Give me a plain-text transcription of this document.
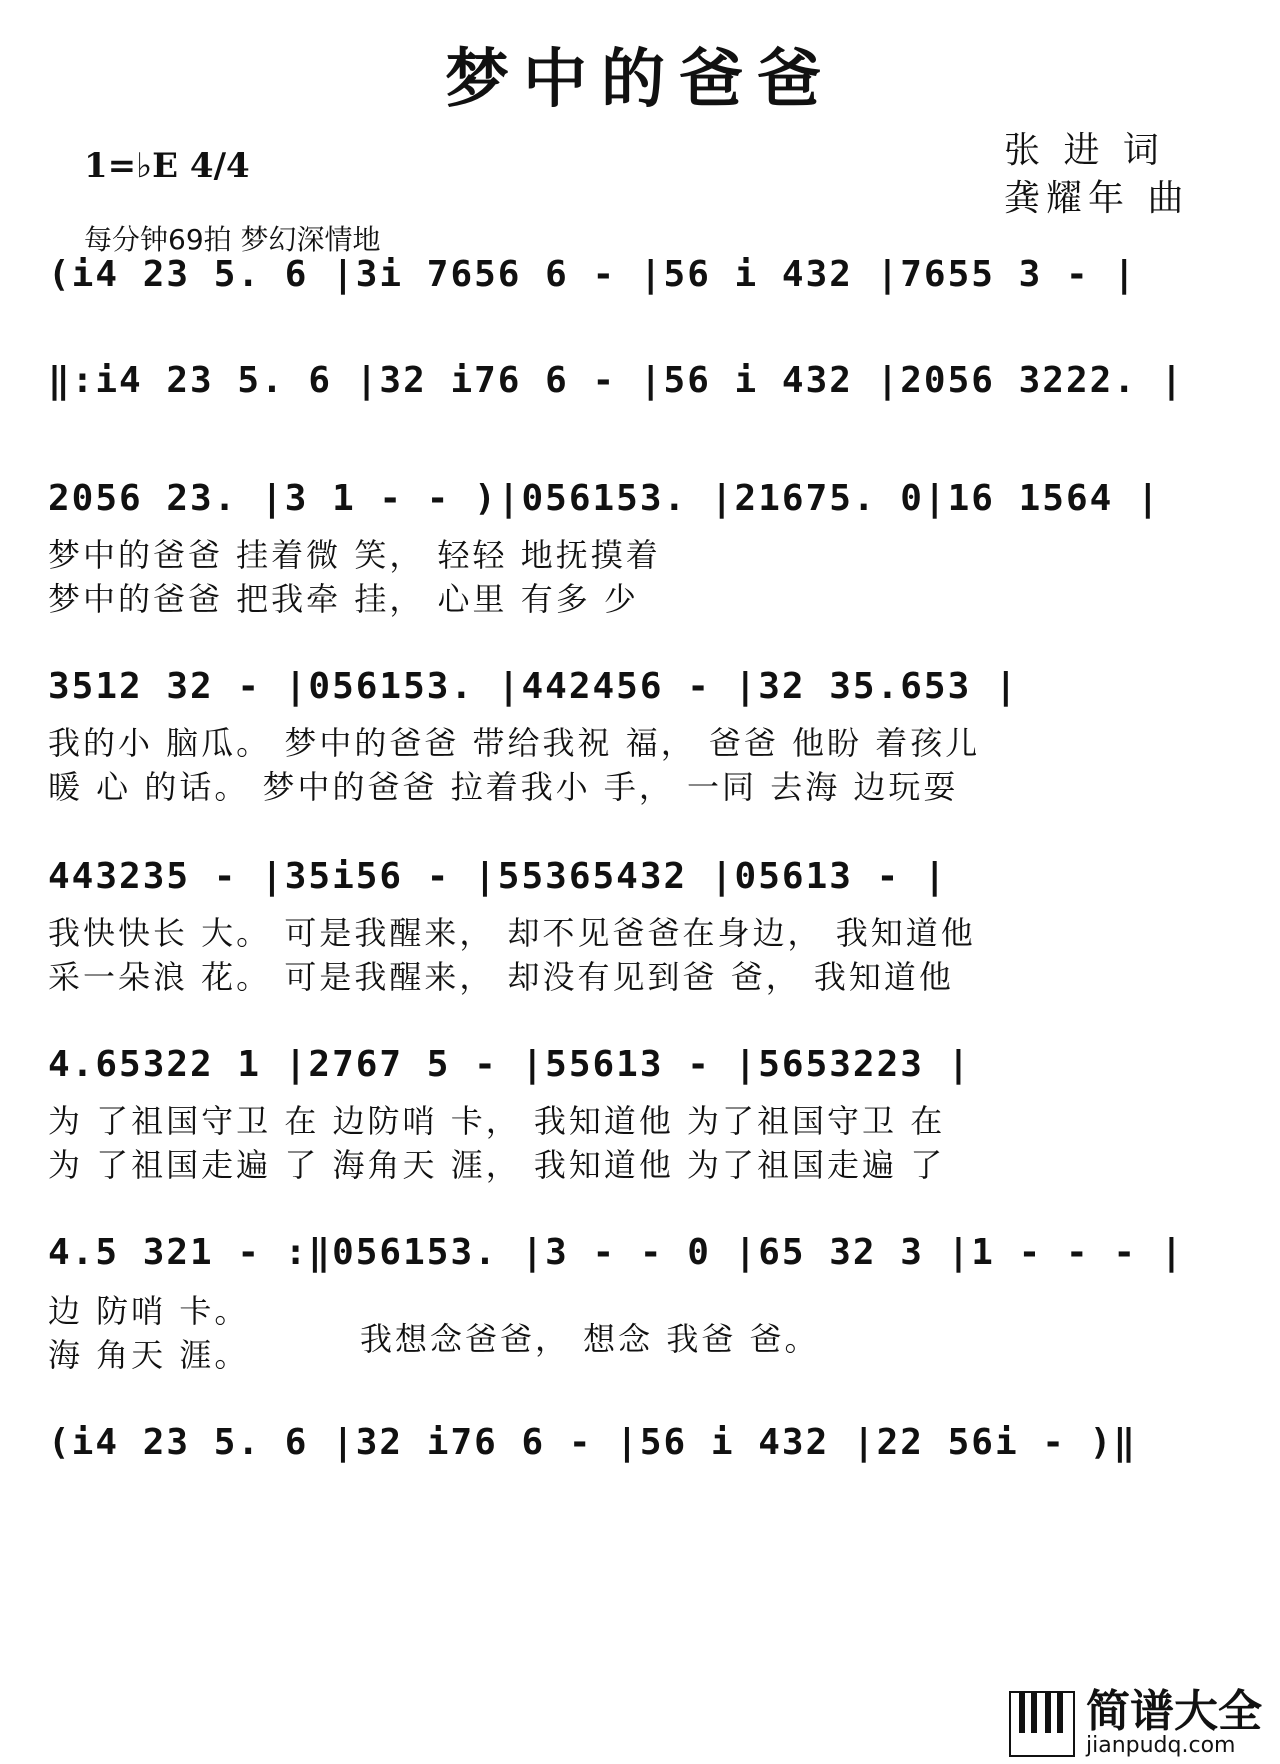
梦中的爸爸
1=♭E 4/4
每分钟69拍 梦幻深情地
张 进 词
龚耀年 曲
(i4 23 5. 6 |3i 7656 6 - |56 i 432 |7655 3 - |
‖:i4 23 5. 6 |32 i76 6 - |56 i 432 |2056 3222. |
2056 23. |3 1 - - )|056153. |21675. 0|16 1564 |
梦中的爸爸 挂着微 笑， 轻轻 地抚摸着
梦中的爸爸 把我牵 挂， 心里 有多 少
3512 32 - |056153. |442456 - |32 35.653 |
我的小 脑瓜。 梦中的爸爸 带给我祝 福， 爸爸 他盼 着孩儿
暖 心 的话。 梦中的爸爸 拉着我小 手， 一同 去海 边玩耍
443235 - |35i56 - |55365432 |05613 - |
我快快长 大。 可是我醒来， 却不见爸爸在身边， 我知道他
采一朵浪 花。 可是我醒来， 却没有见到爸 爸， 我知道他
4.65322 1 |2767 5 - |55613 - |5653223 |
为 了祖国守卫 在 边防哨 卡， 我知道他 为了祖国守卫 在
为 了祖国走遍 了 海角天 涯， 我知道他 为了祖国走遍 了
4.5 321 - :‖056153. |3 - - 0 |65 32 3 |1 - - - |
边 防哨 卡。
海 角天 涯。	我想念爸爸， 想念 我爸 爸。
(i4 23 5. 6 |32 i76 6 - |56 i 432 |22 56i - )‖

简谱大全
jianpudq.com
